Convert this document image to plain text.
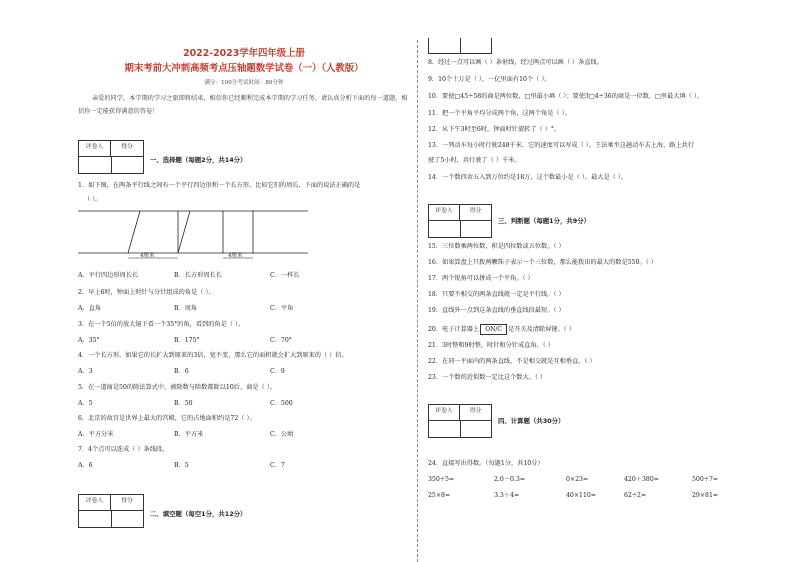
2022-2023学年四年级上册
期末考前大冲刺高频考点压轴题数学试卷（一）（人教版）
满分：100分考试时间：80分钟
亲爱的同学，本学期的学习之旅即将结束，相信你已经顺利完成本学期的学习任务，请认真分析下面的每一道题，相信你一定能获得满意的答卷！
评卷人	得分
一、选择题（每题2分，共14分）
1．如下图，在两条平行线之间有一个平行四边形和一个长方形，比较它们的周长，下面的说法正确的是
（ ）。
4厘米	4厘米
A．平行四边形周长长	B．长方形周长长	C．一样长
2．早上6时，钟面上时针与分针组成的角是（ ）。
A．直角	B．周角	C．平角
3．在一个5倍的放大镜下看一个35°的角，看到的角是（ ）。
A．35°	B．175°	C．70°
4．一个长方形，如果它的长扩大到原来的3倍，宽不变，那么它的面积就会扩大到原来的（ ）倍。
A．3	B．6	C．9
5．在一道商是50的除法算式中，被除数与除数都除以10后，商是（ ）。
A．5	B．50	C．500
6．北京的故宫是世界上最大的宫殿，它的占地面积约是72（ ）。
A．平方分米	B．平方米	C．公顷
7．4个点可以连成（ ）条线段。
A．6	B．5	C．7
评卷人	得分
二、填空题（每空1分，共12分）
8．经过一点可以画（ ）条射线，经过两点可以画（ ）条直线。
9．10个十万是（ ），一亿里面有10个（ ）。
10．要使□45÷58的商是两位数，□里最小填（ ）；要使3□4÷36的商是一位数，□里最大填（ ）。
11．把一个平角平均分成两个角，这两个角是（ ）。
12．从下午3时至6时，钟面时针旋转了（ ）°。
13．一列动车每小时行驶248千米，它的速度可以写成（ ）。王法乘坐这趟动车去上海，路上共行
驶了5小时，共行驶了（ ）千米。
14．一个数四舍五入到万位约是18万，这个数最小是（ ），最大是（ ）。
评卷人	得分
三、判断题（每题1分，共9分）
15．三位数乘两位数，积是四位数或五位数。（ ）
16．如果算盘上只拨两颗珠子表示一个三位数，那么能拨出的最大的数是550。（ ）
17．两个锐角可以拼成一个平角。（ ）
18．只要不相交的两条直线就一定是平行线。（ ）
19．直线外一点到这条直线的垂直线段最短。（ ）
20．电子计算器上 ON/C 是开关及清除屏键。（ ）
21．3时整和9时整，时针和分针成直角。（ ）
22．在同一平面内的两条直线，不是相交就是互相垂直。（ ）
23．一个数的近似数一定比这个数大。（ ）
评卷人	得分
四、计算题（共30分）
24．直接写出得数。（每题1分，共10分）
350÷5=	2.0－0.3=	0×23=	420＋380=	500÷7=
25×8=	3.3＋4=	40×110=	62÷2=	29×81≈
